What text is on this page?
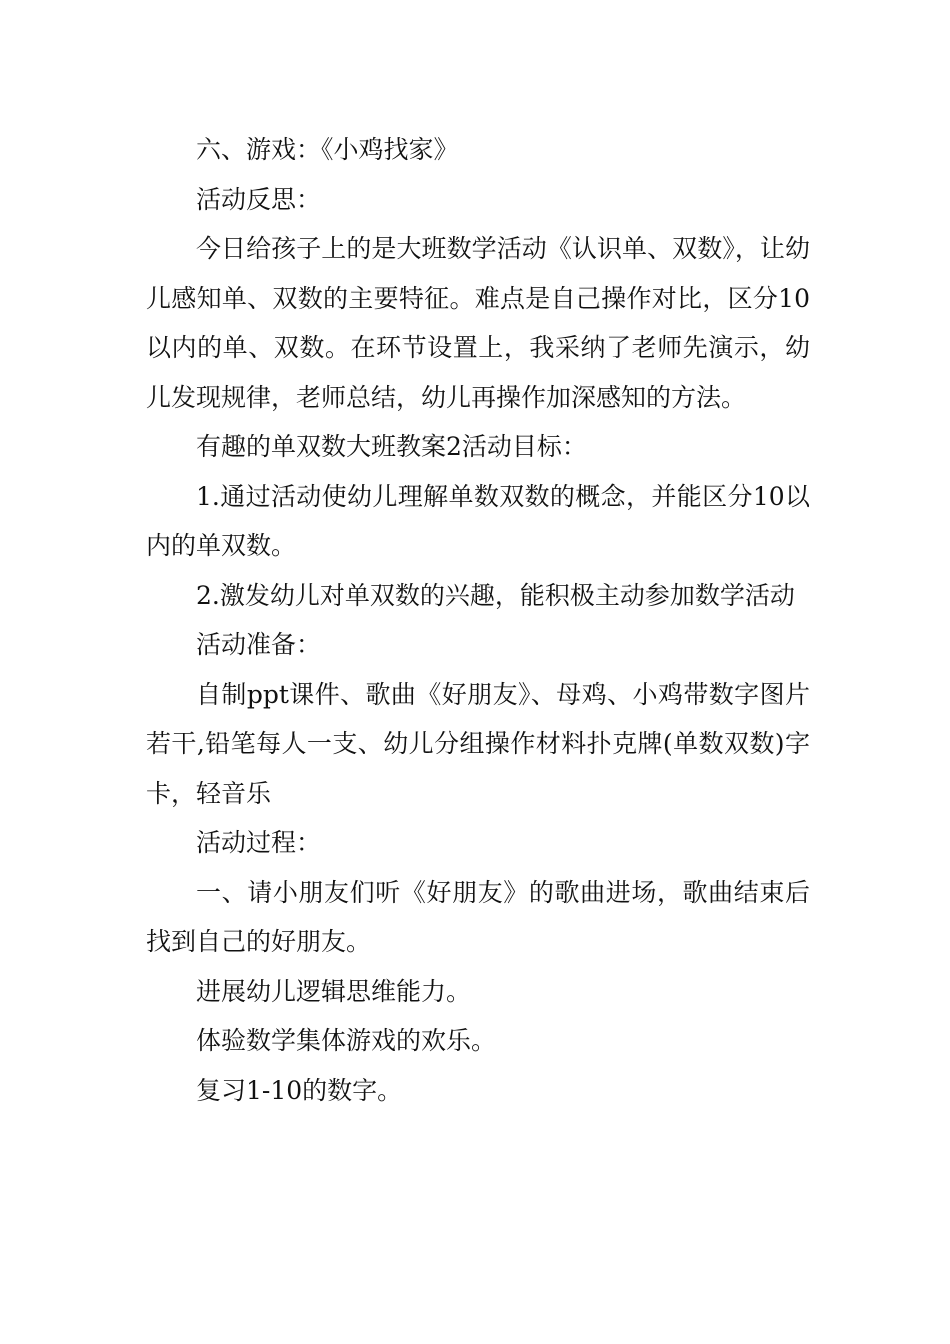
六、游戏：《小鸡找家》

活动反思：

今日给孩子上的是大班数学活动《认识单、双数》，让幼儿感知单、双数的主要特征。难点是自己操作对比，区分10以内的单、双数。在环节设置上，我采纳了老师先演示，幼儿发现规律，老师总结，幼儿再操作加深感知的方法。

有趣的单双数大班教案2活动目标：

1.通过活动使幼儿理解单数双数的概念，并能区分10以内的单双数。

2.激发幼儿对单双数的兴趣，能积极主动参加数学活动

活动准备：

自制ppt课件、歌曲《好朋友》、母鸡、小鸡带数字图片若干,铅笔每人一支、幼儿分组操作材料扑克牌(单数双数)字卡，轻音乐

活动过程：

一、请小朋友们听《好朋友》的歌曲进场，歌曲结束后找到自己的好朋友。

进展幼儿逻辑思维能力。

体验数学集体游戏的欢乐。

复习1-10的数字。
